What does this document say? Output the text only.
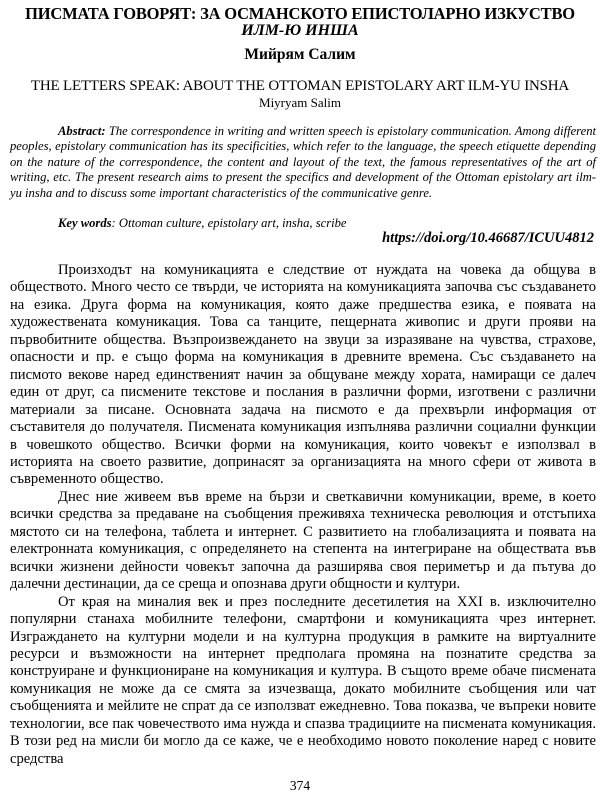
ПИСМАТА ГОВОРЯТ: ЗА ОСМАНСКОТО ЕПИСТОЛАРНО ИЗКУСТВО
ИЛМ-Ю ИНША
Мийрям Салим
THE LETTERS SPEAK: ABOUT THE OTTOMAN EPISTOLARY ART ILM-YU INSHA
Miyryam Salim
Abstract: The correspondence in writing and written speech is epistolary communication. Among different peoples, epistolary communication has its specificities, which refer to the language, the speech etiquette depending on the nature of the correspondence, the content and layout of the text, the famous representatives of the art of writing, etc. The present research aims to present the specifics and development of the Ottoman epistolary art ilm-yu insha and to discuss some important characteristics of the communicative genre.
Key words: Ottoman culture, epistolary art, insha, scribe
https://doi.org/10.46687/ICUU4812

Произходът на комуникацията е следствие от нуждата на човека да общува в обществото. Много често се твърди, че историята на комуникацията започва със създаването на езика. Друга форма на комуникация, която даже предшества езика, е появата на художествената комуникация. Това са танците, пещерната живопис и други прояви на първобитните общества. Възпроизвеждането на звуци за изразяване на чувства, страхове, опасности и пр. е също форма на комуникация в древните времена. Със създаването на писмото векове наред единственият начин за общуване между хората, намиращи се далеч един от друг, са писмените текстове и послания в различни форми, изготвени с различни материали за писане. Основната задача на писмото е да прехвърли информация от съставителя до получателя. Писмената комуникация изпълнява различни социални функции в човешкото общество. Всички форми на комуникация, които човекът е използвал в историята на своето развитие, допринасят за организацията на много сфери от живота в съвременното общество.

Днес ние живеем във време на бързи и светкавични комуникации, време, в което всички средства за предаване на съобщения преживяха техническа революция и отстъпиха мястото си на телефона, таблета и интернет. С развитието на глобализацията и появата на електронната комуникация, с определянето на степента на интегриране на обществата във всички жизнени дейности човекът започна да разширява своя периметър и да пътува до далечни дестинации, да се среща и опознава други общности и култури.

От края на миналия век и през последните десетилетия на XXI в. изключително популярни станаха мобилните телефони, смартфони и комуникацията чрез интернет. Изграждането на културни модели и на културна продукция в рамките на виртуалните ресурси и възможности на интернет предполага промяна на познатите средства за конструиране и функциониране на комуникация и култура. В същото време обаче писмената комуникация не може да се смята за изчезваща, докато мобилните съобщения или чат съобщенията и мейлите не спрат да се използват ежедневно. Това показва, че въпреки новите технологии, все пак човечеството има нужда и спазва традициите на писмената комуникация. В този ред на мисли би могло да се каже, че е необходимо новото поколение наред с новите средства

374
